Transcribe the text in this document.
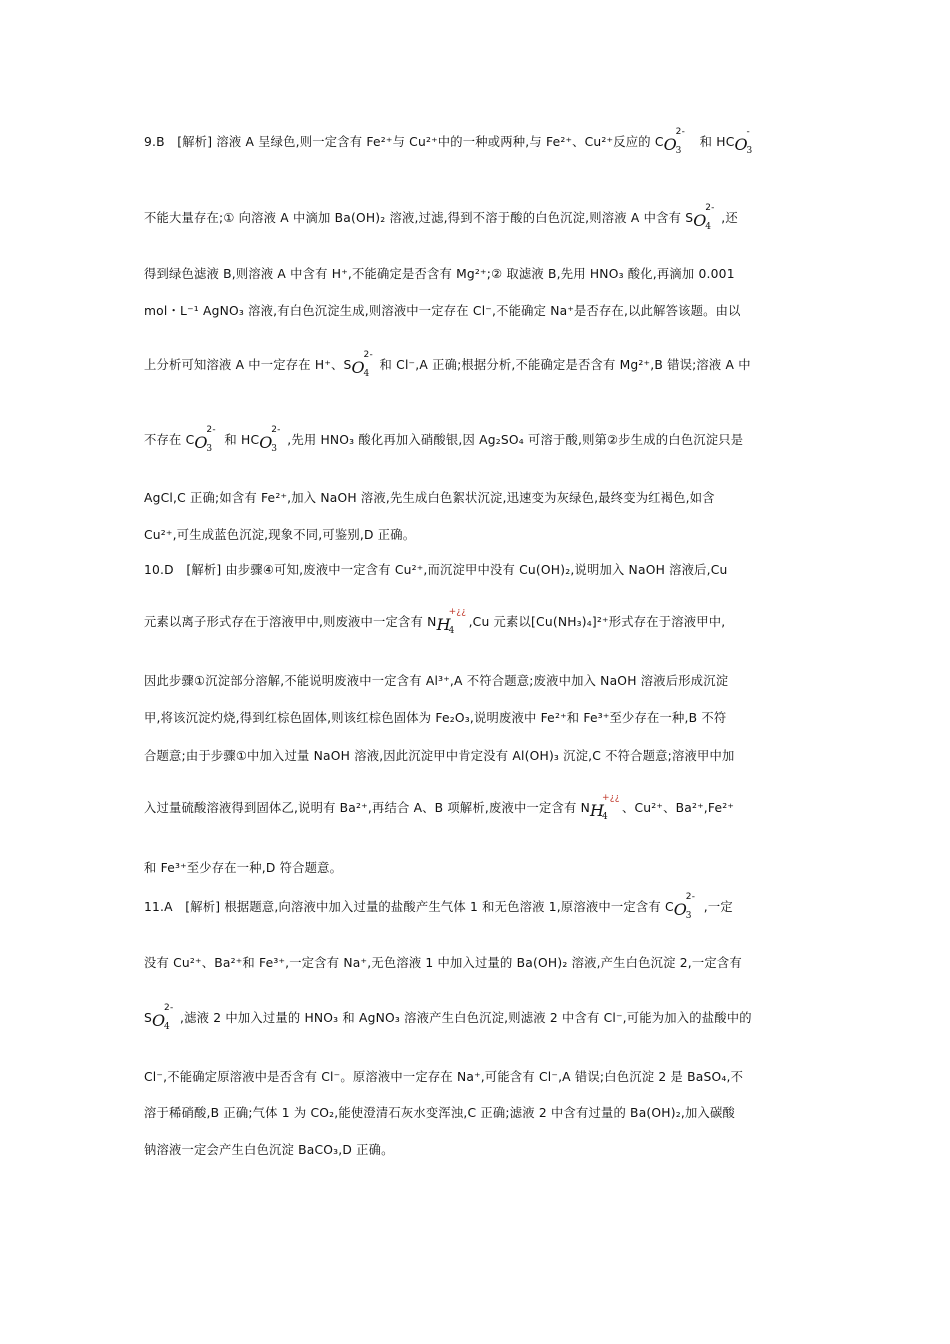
9.B　[解析] 溶液 A 呈绿色,则一定含有 Fe²⁺与 Cu²⁺中的一种或两种,与 Fe²⁺、Cu²⁺反应的 C O
3
2-
和 HC O
3
-
不能大量存在;① 向溶液 A 中滴加 Ba(OH)₂ 溶液,过滤,得到不溶于酸的白色沉淀,则溶液 A 中含有 S O
4
2-
,还
得到绿色滤液 B,则溶液 A 中含有 H⁺,不能确定是否含有 Mg²⁺;② 取滤液 B,先用 HNO₃ 酸化,再滴加 0.001
mol・L⁻¹ AgNO₃ 溶液,有白色沉淀生成,则溶液中一定存在 Cl⁻,不能确定 Na⁺是否存在,以此解答该题。由以
上分析可知溶液 A 中一定存在 H⁺、S O
4
2-
和 Cl⁻,A 正确;根据分析,不能确定是否含有 Mg²⁺,B 错误;溶液 A 中
不存在 C O
3
2-
和 HC O
3
2-
,先用 HNO₃ 酸化再加入硝酸银,因 Ag₂SO₄ 可溶于酸,则第②步生成的白色沉淀只是
AgCl,C 正确;如含有 Fe²⁺,加入 NaOH 溶液,先生成白色絮状沉淀,迅速变为灰绿色,最终变为红褐色,如含
Cu²⁺,可生成蓝色沉淀,现象不同,可鉴别,D 正确。
10.D　[解析] 由步骤④可知,废液中一定含有 Cu²⁺,而沉淀甲中没有 Cu(OH)₂,说明加入 NaOH 溶液后,Cu
元素以离子形式存在于溶液甲中,则废液中一定含有 N H
4
+¿¿
,Cu 元素以[Cu(NH₃)₄]²⁺形式存在于溶液甲中,
因此步骤①沉淀部分溶解,不能说明废液中一定含有 Al³⁺,A 不符合题意;废液中加入 NaOH 溶液后形成沉淀
甲,将该沉淀灼烧,得到红棕色固体,则该红棕色固体为 Fe₂O₃,说明废液中 Fe²⁺和 Fe³⁺至少存在一种,B 不符
合题意;由于步骤①中加入过量 NaOH 溶液,因此沉淀甲中肯定没有 Al(OH)₃ 沉淀,C 不符合题意;溶液甲中加
入过量硫酸溶液得到固体乙,说明有 Ba²⁺,再结合 A、B 项解析,废液中一定含有 N H
4
+¿¿
、Cu²⁺、Ba²⁺,Fe²⁺
和 Fe³⁺至少存在一种,D 符合题意。
11.A　[解析] 根据题意,向溶液中加入过量的盐酸产生气体 1 和无色溶液 1,原溶液中一定含有 C O
3
2-
,一定
没有 Cu²⁺、Ba²⁺和 Fe³⁺,一定含有 Na⁺,无色溶液 1 中加入过量的 Ba(OH)₂ 溶液,产生白色沉淀 2,一定含有
S O
4
2-
,滤液 2 中加入过量的 HNO₃ 和 AgNO₃ 溶液产生白色沉淀,则滤液 2 中含有 Cl⁻,可能为加入的盐酸中的
Cl⁻,不能确定原溶液中是否含有 Cl⁻。原溶液中一定存在 Na⁺,可能含有 Cl⁻,A 错误;白色沉淀 2 是 BaSO₄,不
溶于稀硝酸,B 正确;气体 1 为 CO₂,能使澄清石灰水变浑浊,C 正确;滤液 2 中含有过量的 Ba(OH)₂,加入碳酸
钠溶液一定会产生白色沉淀 BaCO₃,D 正确。
